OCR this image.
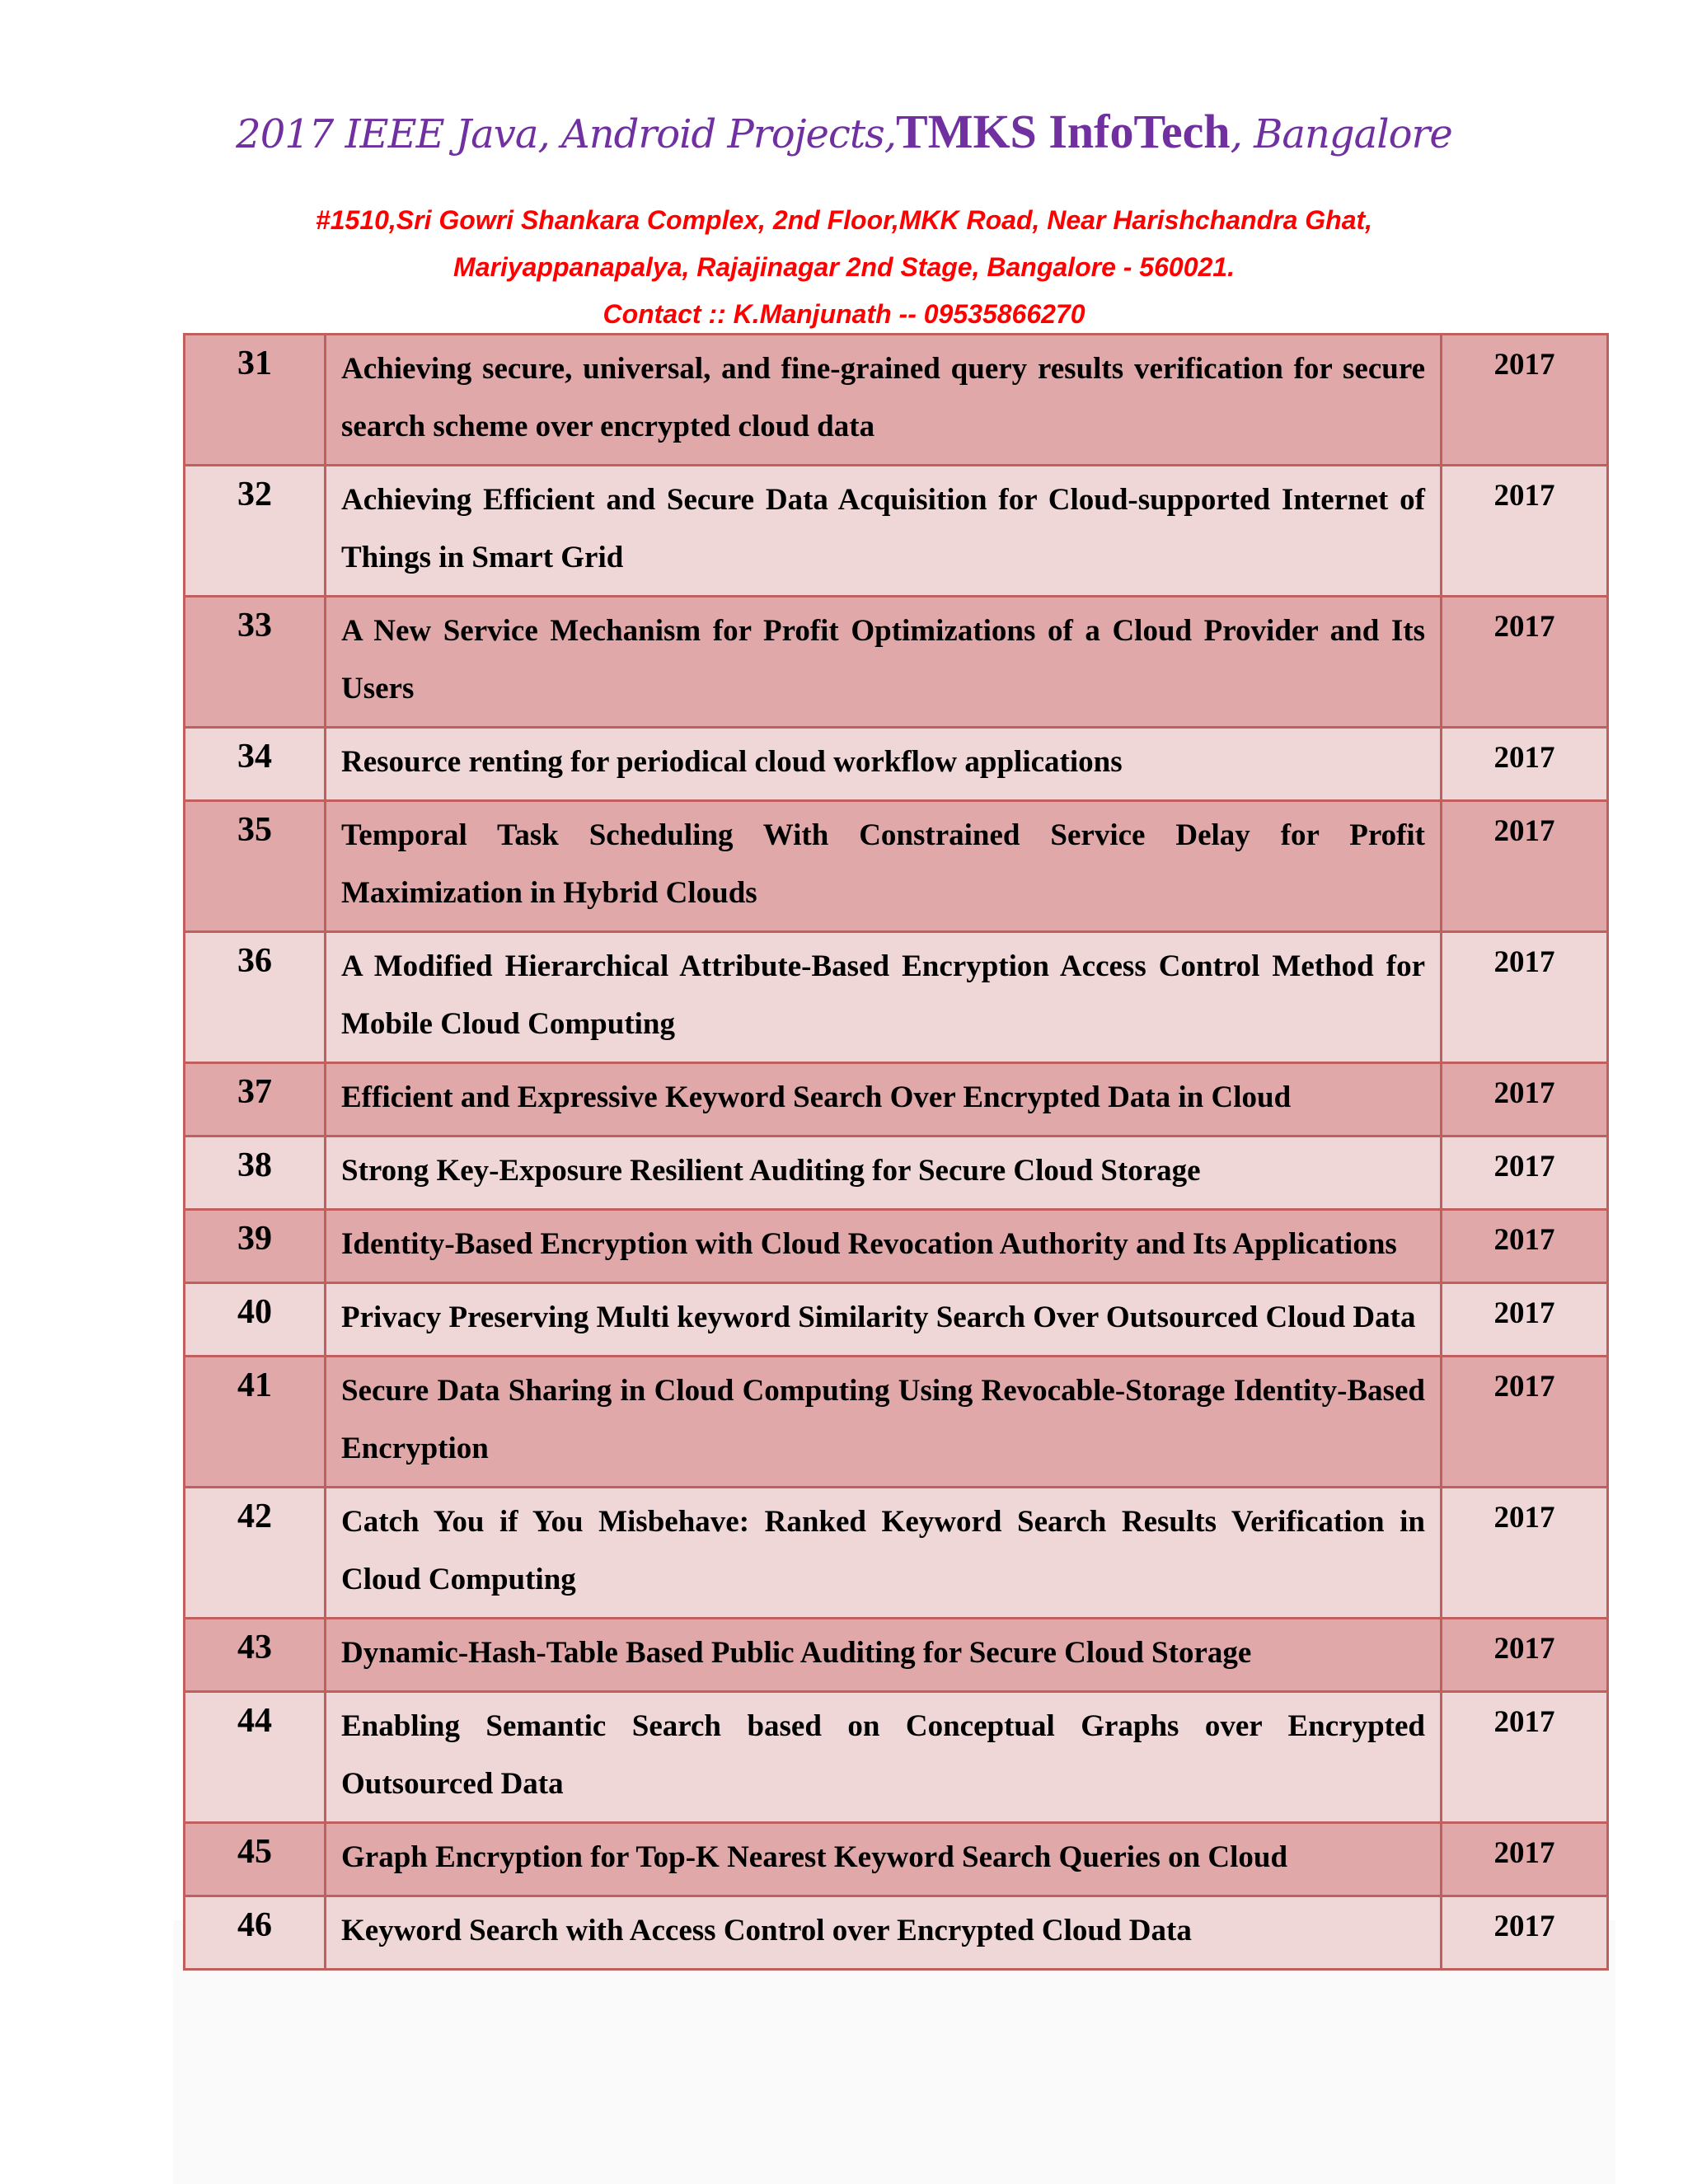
2017 IEEE Java, Android Projects,TMKS InfoTech, Bangalore

#1510,Sri Gowri Shankara Complex, 2nd Floor,MKK Road, Near Harishchandra Ghat,

Mariyappanapalya, Rajajinagar 2nd Stage, Bangalore - 560021.

Contact :: K.Manjunath -- 09535866270

31	Achieving secure, universal, and fine-grained query results verification for secure search scheme over encrypted cloud data	2017
32	Achieving Efficient and Secure Data Acquisition for Cloud-supported Internet of Things in Smart Grid	2017
33	A New Service Mechanism for Profit Optimizations of a Cloud Provider and Its Users	2017
34	Resource renting for periodical cloud workflow applications	2017
35	Temporal Task Scheduling With Constrained Service Delay for Profit Maximization in Hybrid Clouds	2017
36	A Modified Hierarchical Attribute-Based Encryption Access Control Method for Mobile Cloud Computing	2017
37	Efficient and Expressive Keyword Search Over Encrypted Data in Cloud	2017
38	Strong Key-Exposure Resilient Auditing for Secure Cloud Storage	2017
39	Identity-Based Encryption with Cloud Revocation Authority and Its Applications	2017
40	Privacy Preserving Multi keyword Similarity Search Over Outsourced Cloud Data	2017
41	Secure Data Sharing in Cloud Computing Using Revocable-Storage Identity-Based Encryption	2017
42	Catch You if You Misbehave: Ranked Keyword Search Results Verification in Cloud Computing	2017
43	Dynamic-Hash-Table Based Public Auditing for Secure Cloud Storage	2017
44	Enabling Semantic Search based on Conceptual Graphs over Encrypted Outsourced Data	2017
45	Graph Encryption for Top-K Nearest Keyword Search Queries on Cloud	2017
46	Keyword Search with Access Control over Encrypted Cloud Data	2017
